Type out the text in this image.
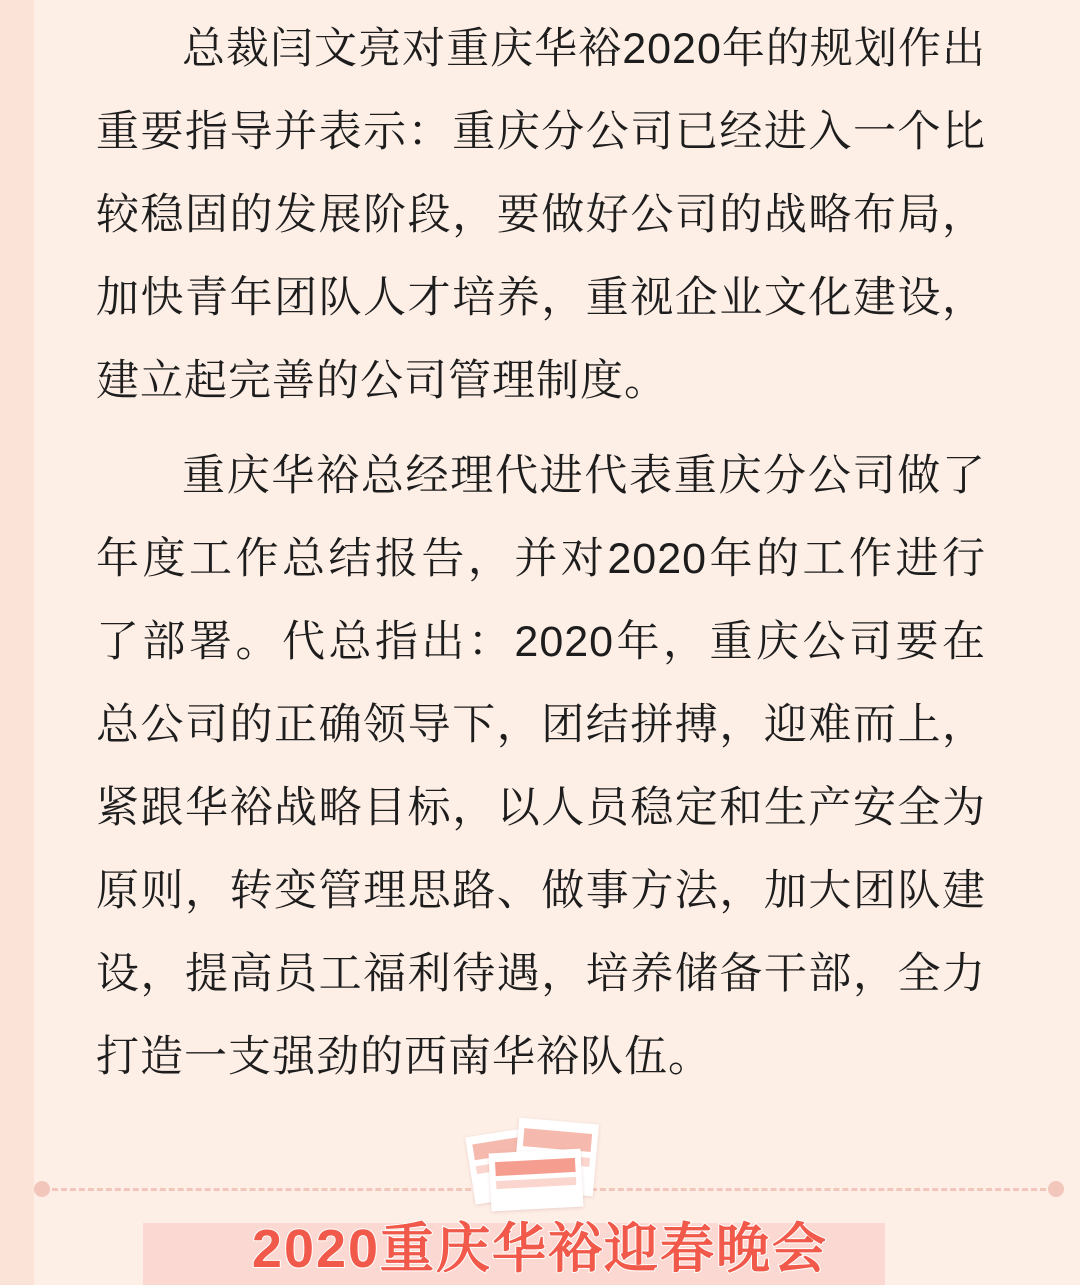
总裁闫文亮对重庆华裕2020年的规划作出重要指导并表示：重庆分公司已经进入一个比较稳固的发展阶段，要做好公司的战略布局，加快青年团队人才培养，重视企业文化建设，建立起完善的公司管理制度。

重庆华裕总经理代进代表重庆分公司做了年度工作总结报告，并对2020年的工作进行了部署。代总指出：2020年，重庆公司要在总公司的正确领导下，团结拼搏，迎难而上，紧跟华裕战略目标，以人员稳定和生产安全为原则，转变管理思路、做事方法，加大团队建设，提高员工福利待遇，培养储备干部，全力打造一支强劲的西南华裕队伍。

2020重庆华裕迎春晚会
